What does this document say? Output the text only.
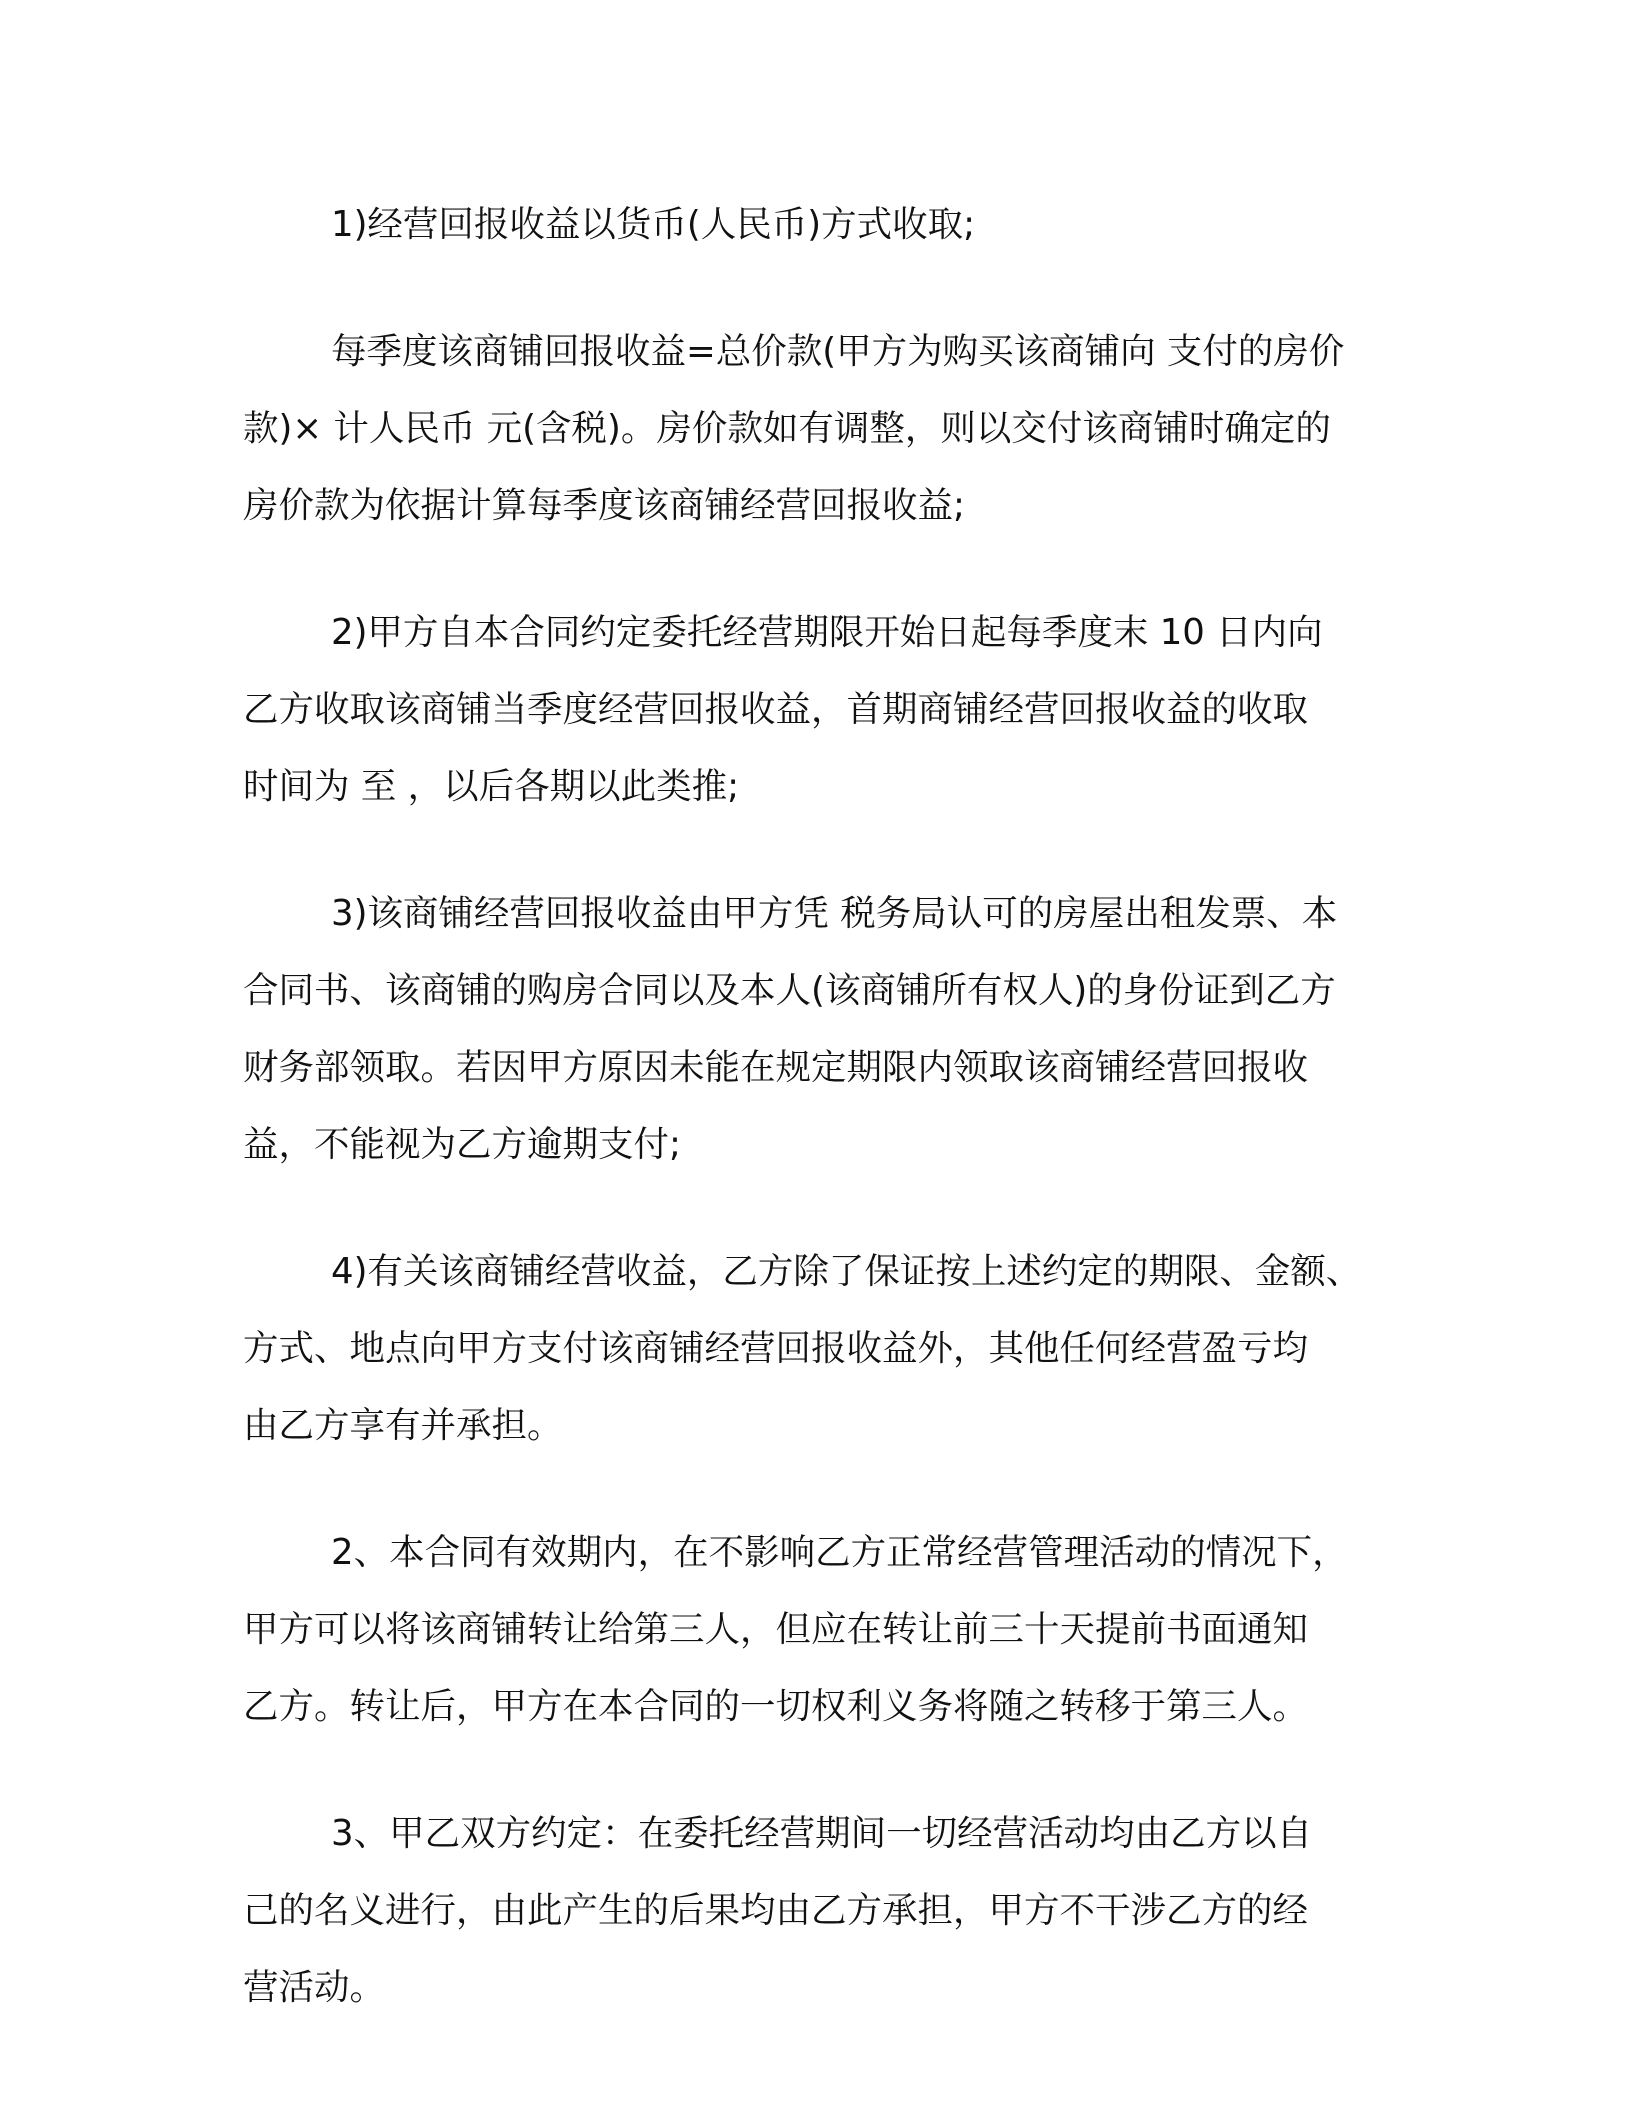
1)经营回报收益以货币(人民币)方式收取;

每季度该商铺回报收益=总价款(甲方为购买该商铺向 支付的房价
款)× 计人民币 元(含税)。房价款如有调整，则以交付该商铺时确定的
房价款为依据计算每季度该商铺经营回报收益;

2)甲方自本合同约定委托经营期限开始日起每季度末 10 日内向
乙方收取该商铺当季度经营回报收益，首期商铺经营回报收益的收取
时间为 至 ，以后各期以此类推;

3)该商铺经营回报收益由甲方凭 税务局认可的房屋出租发票、本
合同书、该商铺的购房合同以及本人(该商铺所有权人)的身份证到乙方
财务部领取。若因甲方原因未能在规定期限内领取该商铺经营回报收
益，不能视为乙方逾期支付;

4)有关该商铺经营收益，乙方除了保证按上述约定的期限、金额、
方式、地点向甲方支付该商铺经营回报收益外，其他任何经营盈亏均
由乙方享有并承担。

2、本合同有效期内，在不影响乙方正常经营管理活动的情况下，
甲方可以将该商铺转让给第三人，但应在转让前三十天提前书面通知
乙方。转让后，甲方在本合同的一切权利义务将随之转移于第三人。

3、甲乙双方约定：在委托经营期间一切经营活动均由乙方以自
己的名义进行，由此产生的后果均由乙方承担，甲方不干涉乙方的经
营活动。
